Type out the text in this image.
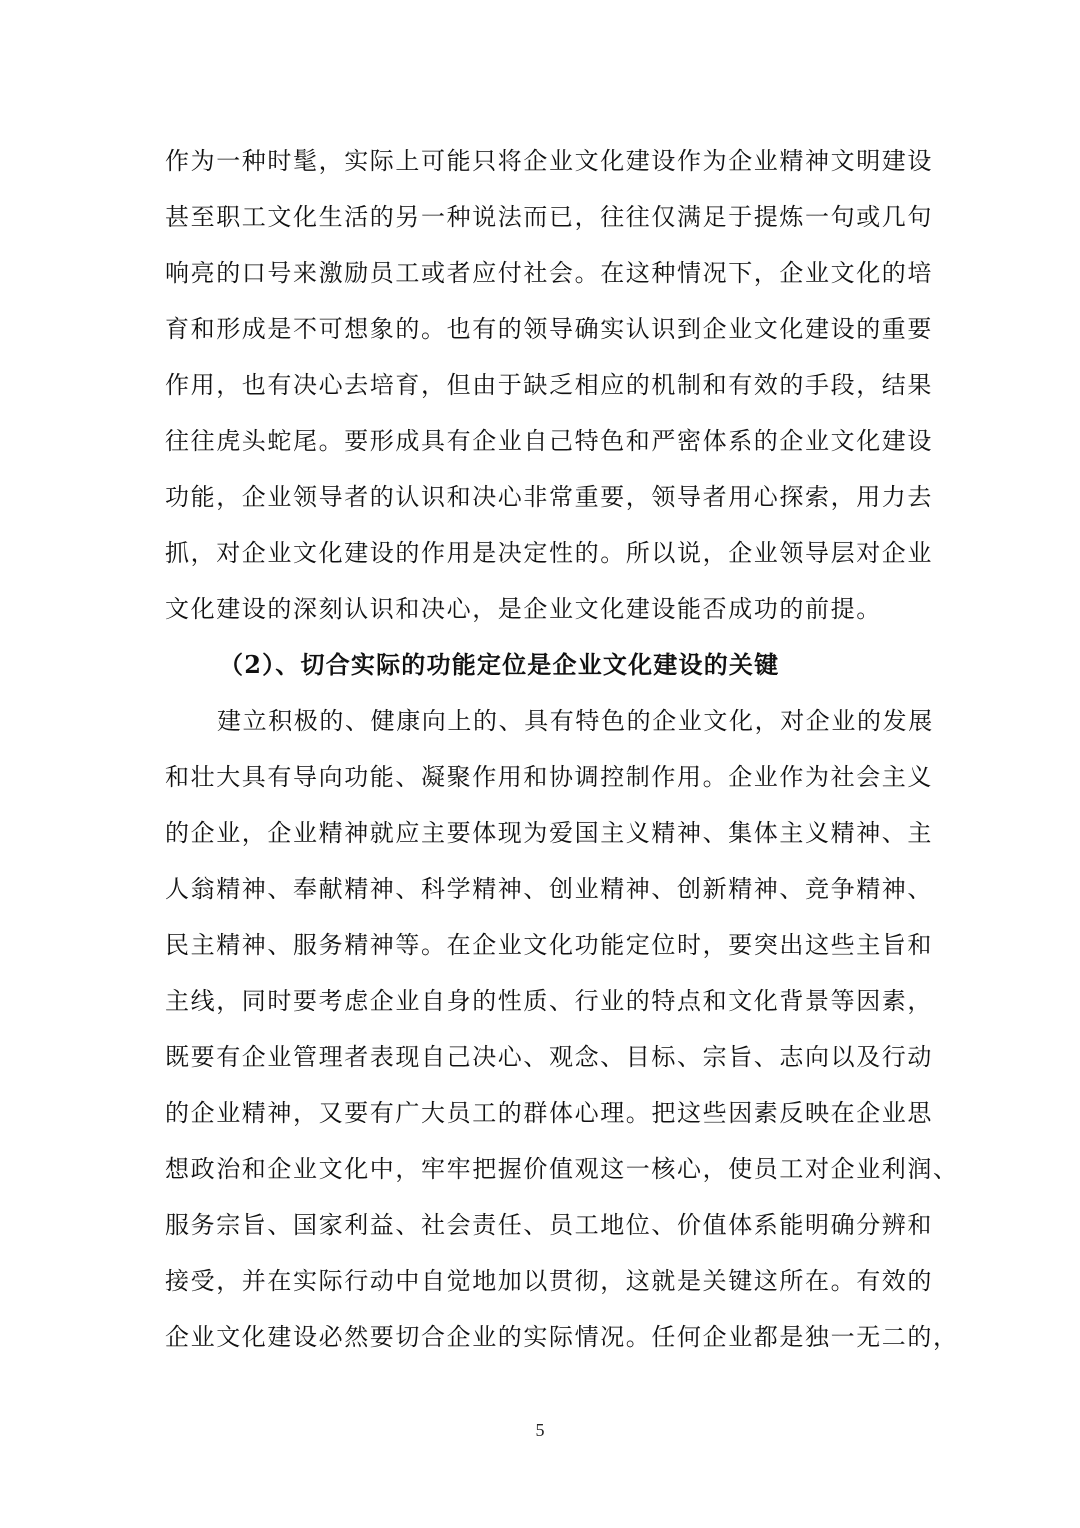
作为一种时髦，实际上可能只将企业文化建设作为企业精神文明建设
甚至职工文化生活的另一种说法而已，往往仅满足于提炼一句或几句
响亮的口号来激励员工或者应付社会。在这种情况下，企业文化的培
育和形成是不可想象的。也有的领导确实认识到企业文化建设的重要
作用，也有决心去培育，但由于缺乏相应的机制和有效的手段，结果
往往虎头蛇尾。要形成具有企业自己特色和严密体系的企业文化建设
功能，企业领导者的认识和决心非常重要，领导者用心探索，用力去
抓，对企业文化建设的作用是决定性的。所以说，企业领导层对企业
文化建设的深刻认识和决心，是企业文化建设能否成功的前提。
（2）、切合实际的功能定位是企业文化建设的关键
建立积极的、健康向上的、具有特色的企业文化，对企业的发展
和壮大具有导向功能、凝聚作用和协调控制作用。企业作为社会主义
的企业，企业精神就应主要体现为爱国主义精神、集体主义精神、主
人翁精神、奉献精神、科学精神、创业精神、创新精神、竞争精神、
民主精神、服务精神等。在企业文化功能定位时，要突出这些主旨和
主线，同时要考虑企业自身的性质、行业的特点和文化背景等因素，
既要有企业管理者表现自己决心、观念、目标、宗旨、志向以及行动
的企业精神，又要有广大员工的群体心理。把这些因素反映在企业思
想政治和企业文化中，牢牢把握价值观这一核心，使员工对企业利润、
服务宗旨、国家利益、社会责任、员工地位、价值体系能明确分辨和
接受，并在实际行动中自觉地加以贯彻，这就是关键这所在。有效的
企业文化建设必然要切合企业的实际情况。任何企业都是独一无二的，
5
